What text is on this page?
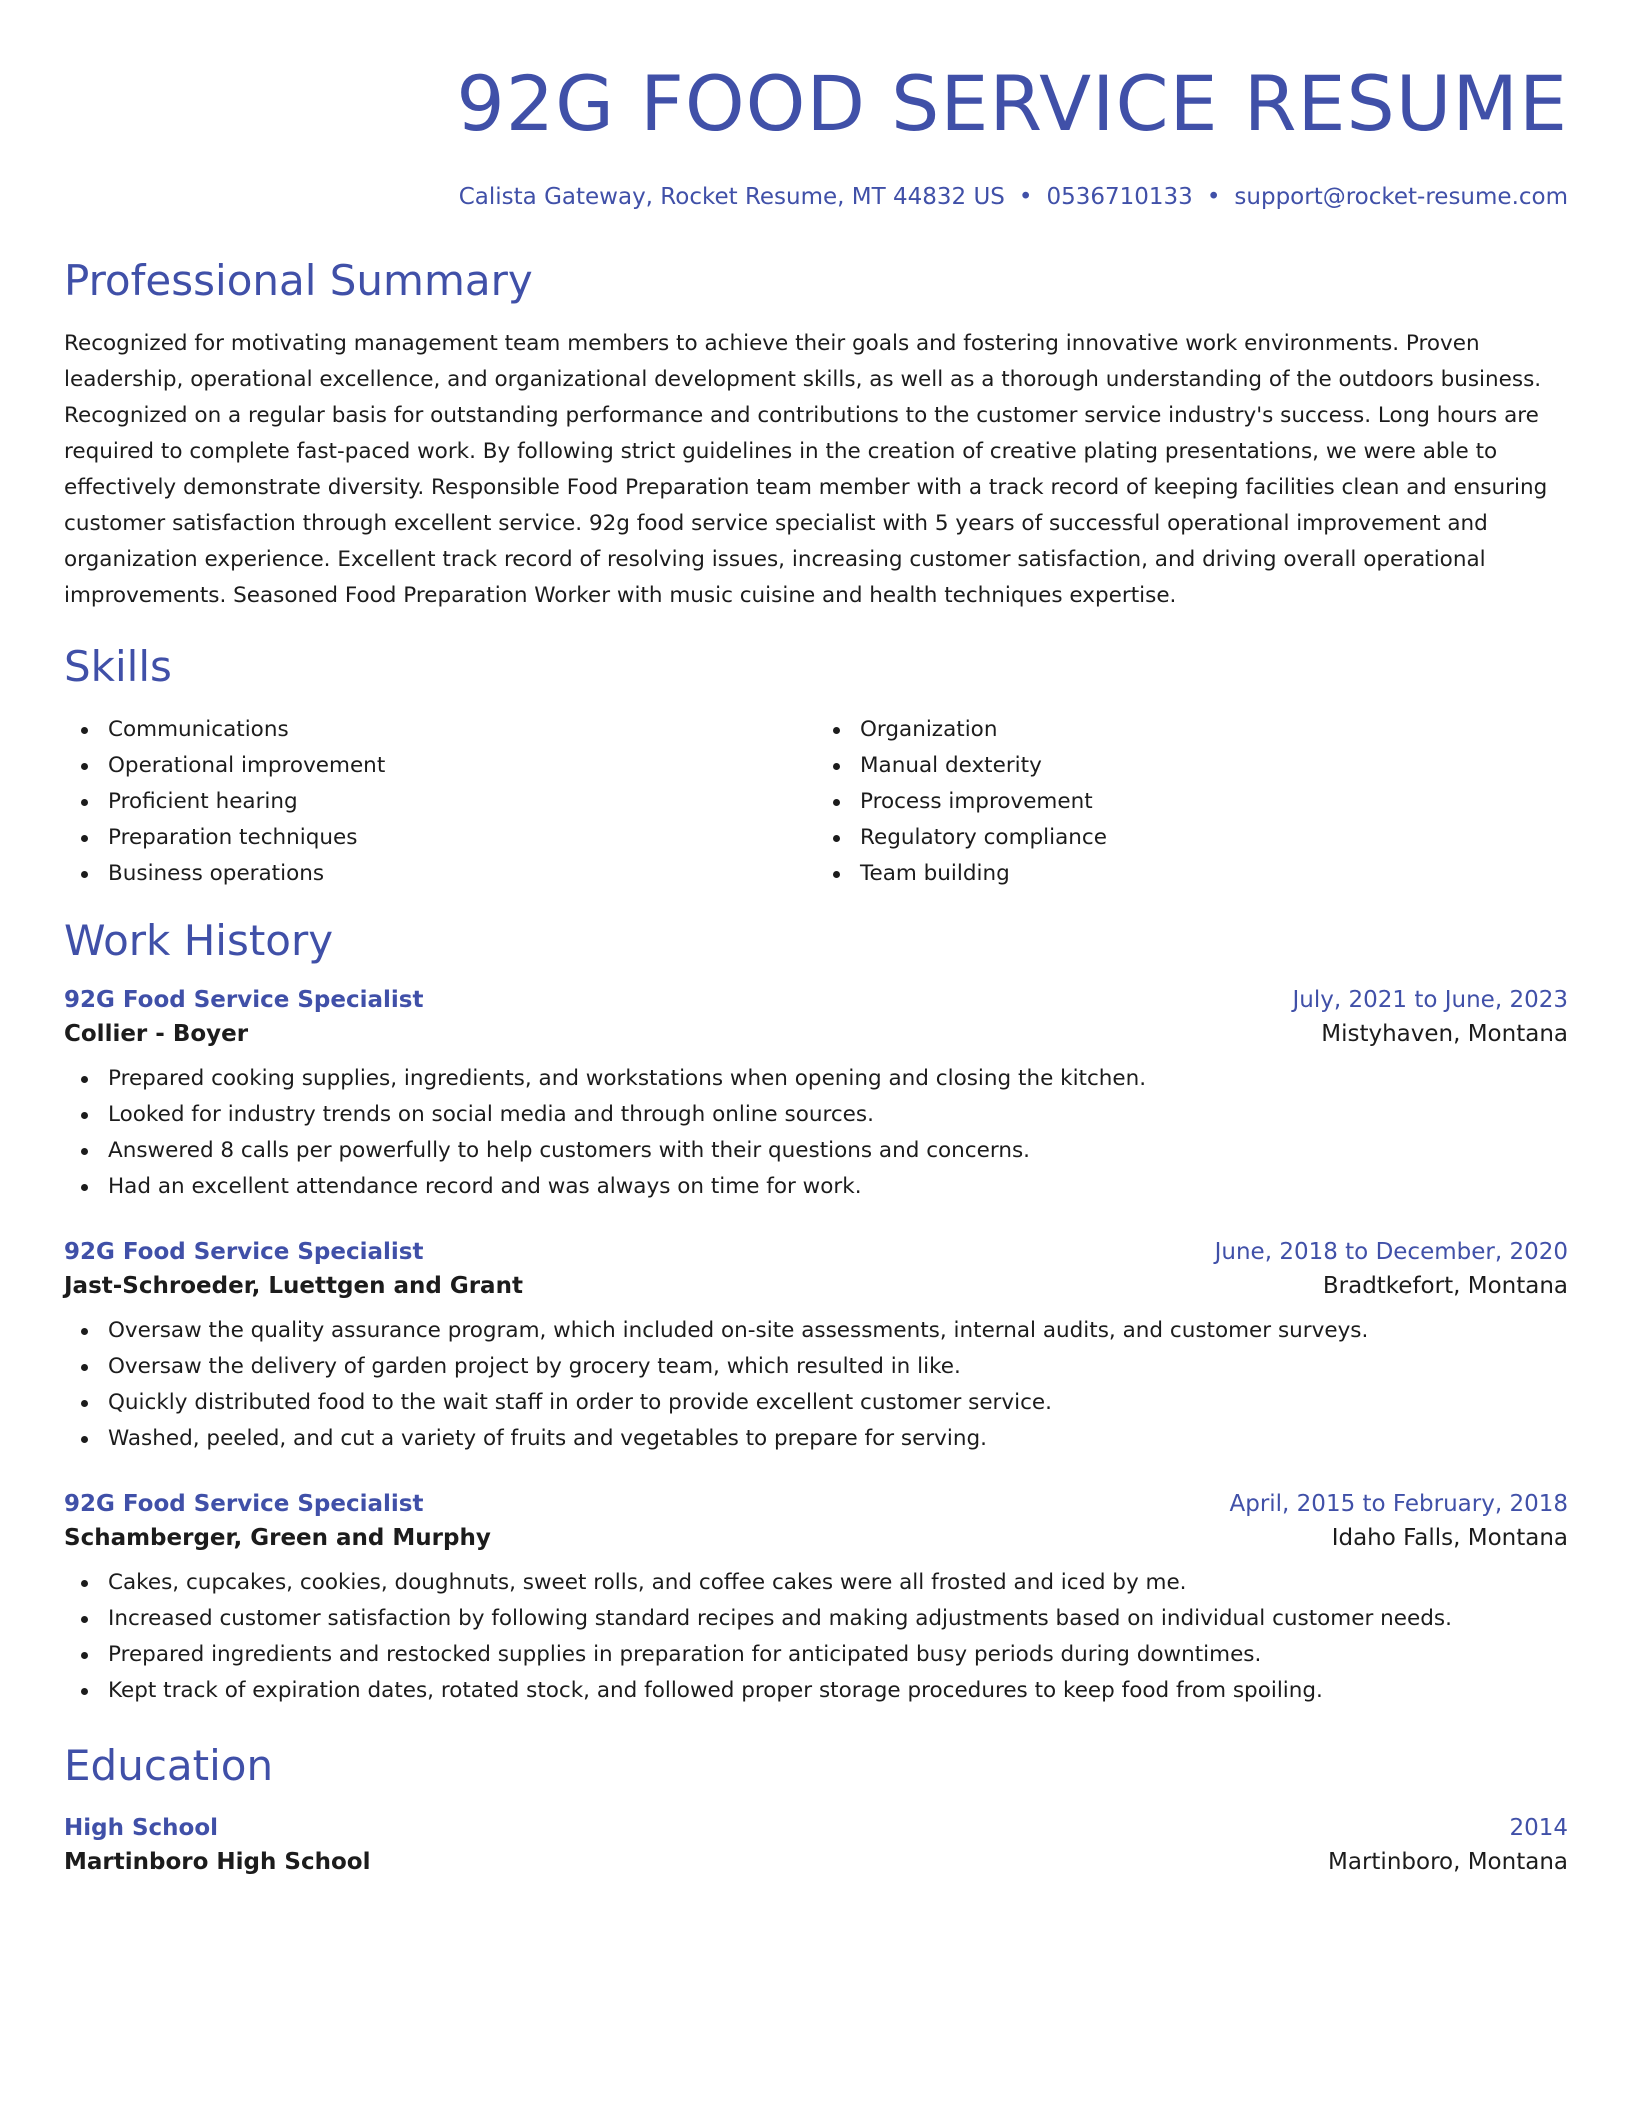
92G FOOD SERVICE RESUME
Calista Gateway, Rocket Resume, MT 44832 US • 0536710133 • support@rocket-resume.com
Professional Summary
Recognized for motivating management team members to achieve their goals and fostering innovative work environments. Proven leadership, operational excellence, and organizational development skills, as well as a thorough understanding of the outdoors business. Recognized on a regular basis for outstanding performance and contributions to the customer service industry's success. Long hours are required to complete fast-paced work. By following strict guidelines in the creation of creative plating presentations, we were able to effectively demonstrate diversity. Responsible Food Preparation team member with a track record of keeping facilities clean and ensuring customer satisfaction through excellent service. 92g food service specialist with 5 years of successful operational improvement and organization experience. Excellent track record of resolving issues, increasing customer satisfaction, and driving overall operational improvements. Seasoned Food Preparation Worker with music cuisine and health techniques expertise.
Skills
Communications
Operational improvement
Proficient hearing
Preparation techniques
Business operations
Organization
Manual dexterity
Process improvement
Regulatory compliance
Team building
Work History
92G Food Service Specialist	July, 2021 to June, 2023
Collier - Boyer	Mistyhaven, Montana
Prepared cooking supplies, ingredients, and workstations when opening and closing the kitchen.
Looked for industry trends on social media and through online sources.
Answered 8 calls per powerfully to help customers with their questions and concerns.
Had an excellent attendance record and was always on time for work.
92G Food Service Specialist	June, 2018 to December, 2020
Jast-Schroeder, Luettgen and Grant	Bradtkefort, Montana
Oversaw the quality assurance program, which included on-site assessments, internal audits, and customer surveys.
Oversaw the delivery of garden project by grocery team, which resulted in like.
Quickly distributed food to the wait staff in order to provide excellent customer service.
Washed, peeled, and cut a variety of fruits and vegetables to prepare for serving.
92G Food Service Specialist	April, 2015 to February, 2018
Schamberger, Green and Murphy	Idaho Falls, Montana
Cakes, cupcakes, cookies, doughnuts, sweet rolls, and coffee cakes were all frosted and iced by me.
Increased customer satisfaction by following standard recipes and making adjustments based on individual customer needs.
Prepared ingredients and restocked supplies in preparation for anticipated busy periods during downtimes.
Kept track of expiration dates, rotated stock, and followed proper storage procedures to keep food from spoiling.
Education
High School	2014
Martinboro High School	Martinboro, Montana
